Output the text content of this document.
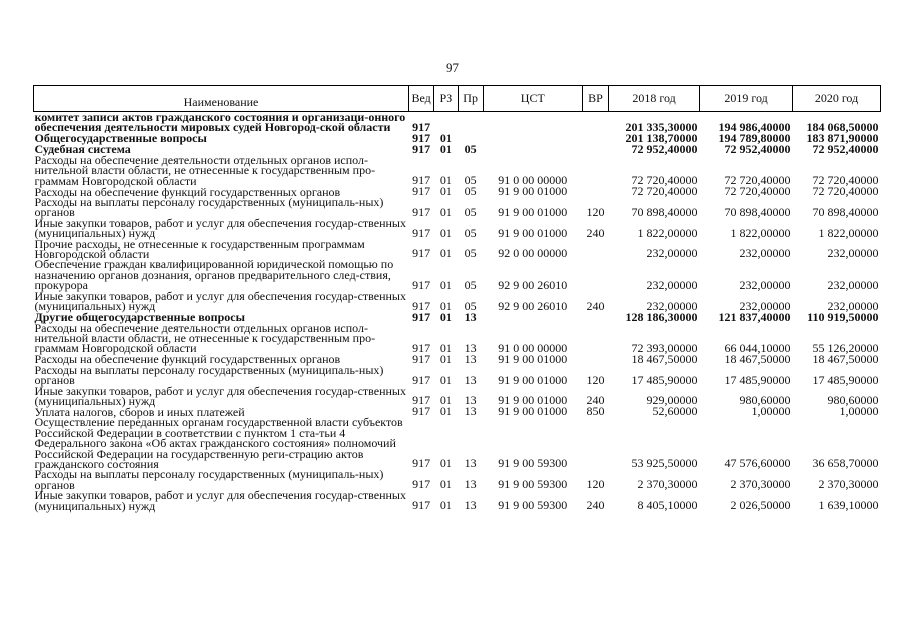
97
Наименование	Вед	РЗ	Пр	ЦСТ	ВР	2018 год	2019 год	2020 год
комитет записи актов гражданского состояния и организаци-онного обеспечения деятельности мировых судей Новгород-ской области	917					201 335,30000	194 986,40000	184 068,50000
Общегосударственные вопросы	917	01				201 138,70000	194 789,80000	183 871,90000
Судебная система	917	01	05			72 952,40000	72 952,40000	72 952,40000
Расходы на обеспечение деятельности отдельных органов испол-нительной власти области, не отнесенные к государственным про-граммам Новгородской области	917	01	05	91 0 00 00000		72 720,40000	72 720,40000	72 720,40000
Расходы на обеспечение функций государственных органов	917	01	05	91 9 00 01000		72 720,40000	72 720,40000	72 720,40000
Расходы на выплаты персоналу государственных (муниципаль-ных) органов	917	01	05	91 9 00 01000	120	70 898,40000	70 898,40000	70 898,40000
Иные закупки товаров, работ и услуг для обеспечения государ-ственных (муниципальных) нужд	917	01	05	91 9 00 01000	240	1 822,00000	1 822,00000	1 822,00000
Прочие расходы, не отнесенные к государственным программам Новгородской области	917	01	05	92 0 00 00000		232,00000	232,00000	232,00000
Обеспечение граждан квалифицированной юридической помощью по назначению органов дознания, органов предварительного след-ствия, прокурора	917	01	05	92 9 00 26010		232,00000	232,00000	232,00000
Иные закупки товаров, работ и услуг для обеспечения государ-ственных (муниципальных) нужд	917	01	05	92 9 00 26010	240	232,00000	232,00000	232,00000
Другие общегосударственные вопросы	917	01	13			128 186,30000	121 837,40000	110 919,50000
Расходы на обеспечение деятельности отдельных органов испол-нительной власти области, не отнесенные к государственным про-граммам Новгородской области	917	01	13	91 0 00 00000		72 393,00000	66 044,10000	55 126,20000
Расходы на обеспечение функций государственных органов	917	01	13	91 9 00 01000		18 467,50000	18 467,50000	18 467,50000
Расходы на выплаты персоналу государственных (муниципаль-ных) органов	917	01	13	91 9 00 01000	120	17 485,90000	17 485,90000	17 485,90000
Иные закупки товаров, работ и услуг для обеспечения государ-ственных (муниципальных) нужд	917	01	13	91 9 00 01000	240	929,00000	980,60000	980,60000
Уплата налогов, сборов и иных платежей	917	01	13	91 9 00 01000	850	52,60000	1,00000	1,00000
Осуществление переданных органам государственной власти субъектов Российской Федерации в соответствии с пунктом 1 ста-тьи 4 Федерального закона «Об актах гражданского состояния» полномочий Российской Федерации на государственную реги-страцию актов гражданского состояния	917	01	13	91 9 00 59300		53 925,50000	47 576,60000	36 658,70000
Расходы на выплаты персоналу государственных (муниципаль-ных) органов	917	01	13	91 9 00 59300	120	2 370,30000	2 370,30000	2 370,30000
Иные закупки товаров, работ и услуг для обеспечения государ-ственных (муниципальных) нужд	917	01	13	91 9 00 59300	240	8 405,10000	2 026,50000	1 639,10000
